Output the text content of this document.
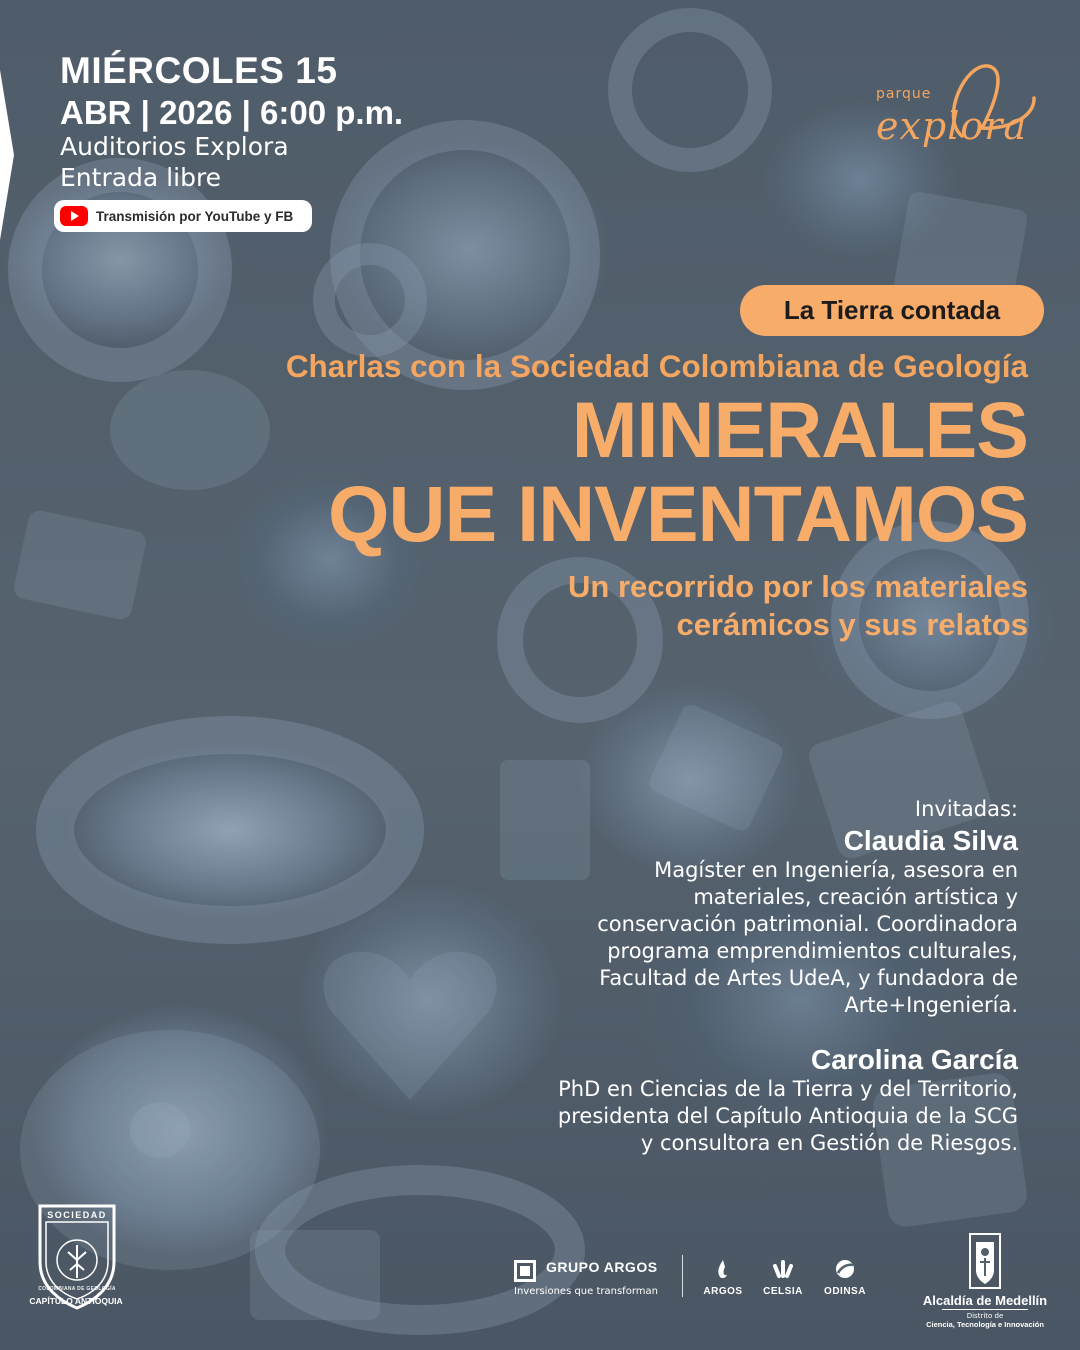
MIÉRCOLES 15

ABR | 2026 | 6:00 p.m.

Auditorios Explora
Entrada libre
Transmisión por YouTube y FB
parque
explora
La Tierra contada

Charlas con la Sociedad Colombiana de Geología

MINERALES
QUE INVENTAMOS

Un recorrido por los materiales
cerámicos y sus relatos

Invitadas:

Claudia Silva

Magíster en Ingeniería, asesora en

materiales, creación artística y

conservación patrimonial. Coordinadora

programa emprendimientos culturales,

Facultad de Artes UdeA, y fundadora de

Arte+Ingeniería.

Carolina García

PhD en Ciencias de la Tierra y del Territorio,

presidenta del Capítulo Antioquia de la SCG

y consultora en Gestión de Riesgos.

SOCIEDAD
CAPÍTULO ANTIOQUIA
GRUPO ARGOS
Inversiones que transforman	ARGOS	CELSIA	ODINSA
Alcaldía de Medellín
Distrito de
Ciencia, Tecnología e Innovación
COLOMBIANA DE GEOLOGÍA
